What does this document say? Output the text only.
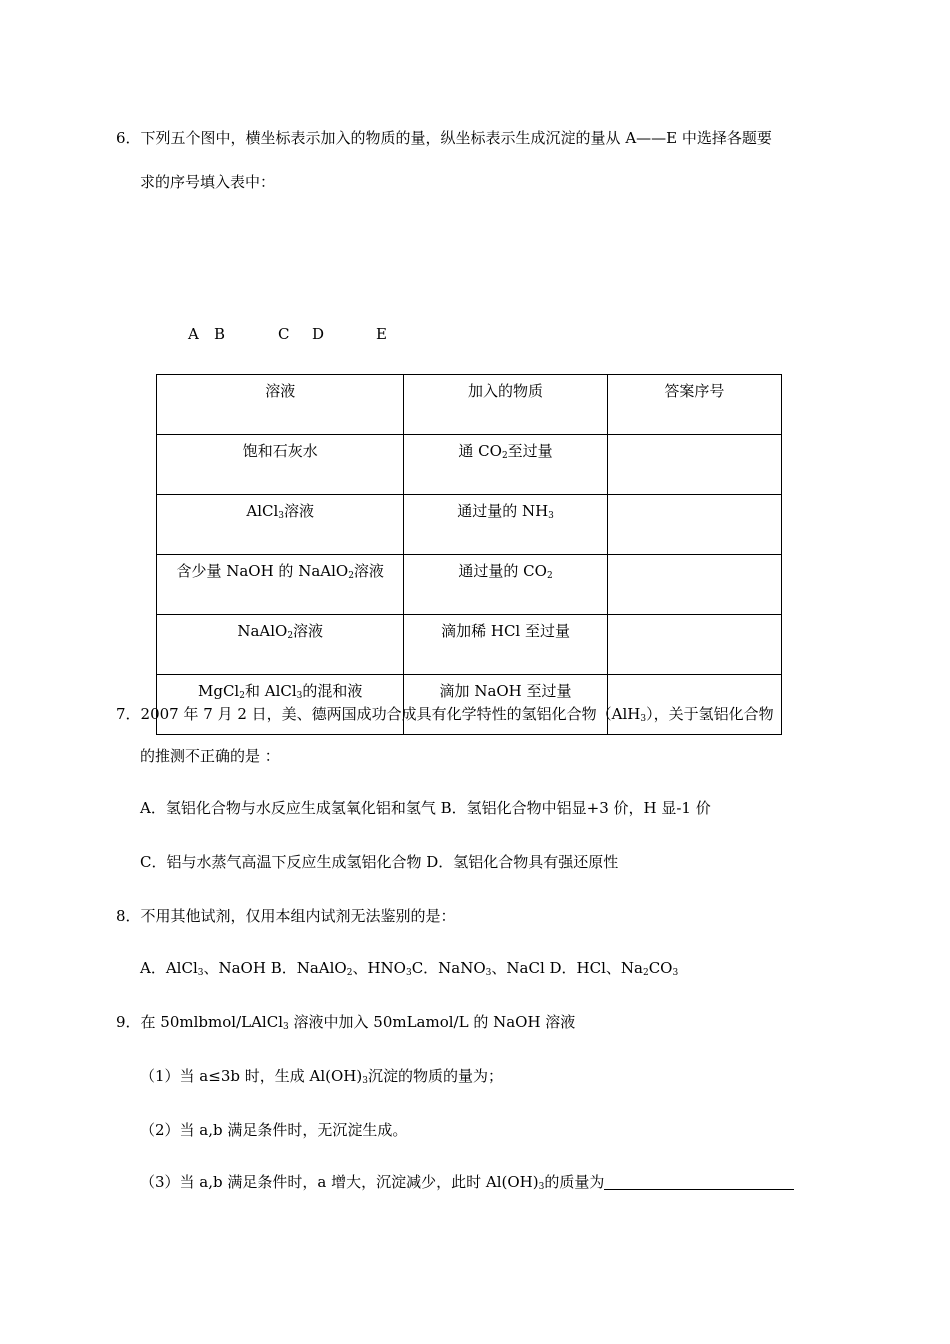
6．下列五个图中，横坐标表示加入的物质的量，纵坐标表示生成沉淀的量从 A——E 中选择各题要
求的序号填入表中：
A B	C D	E
溶液	加入的物质	答案序号
饱和石灰水	通 $CO_2$至过量	
AlCl$_3$溶液	通过量的 $NH_3$	
含少量 NaOH 的 NaAlO$_2$溶液	通过量的 $CO_2$	
NaAlO$_2$溶液	滴加稀 HCl 至过量	
MgCl$_2$和 AlCl$_3$的混和液	滴加 NaOH 至过量	
7．2007 年 7 月 2 日，美、德两国成功合成具有化学特性的氢铝化合物（AlH$_3$），关于氢铝化合物
的推测不正确的是 ：
A．氢铝化合物与水反应生成氢氧化铝和氢气 B．氢铝化合物中铝显+3 价，H 显-1 价
C．铝与水蒸气高温下反应生成氢铝化合物 D．氢铝化合物具有强还原性
8．不用其他试剂，仅用本组内试剂无法鉴别的是：
A．AlCl$_3$、NaOH B．NaAlO$_2$、$HNO_3C$．NaNO$_3$、NaCl D．HCl、$Na_2CO_3$
9．在 50mlbmol/LAlCl$_3$ 溶液中加入 50mLamol/L 的 NaOH 溶液
（1）当 a≤3b 时，生成 $Al(OH)_3$沉淀的物质的量为；
（2）当 a,b 满足条件时，无沉淀生成。
（3）当 a,b 满足条件时，a 增大，沉淀减少，此时 $Al(OH)_3$的质量为
